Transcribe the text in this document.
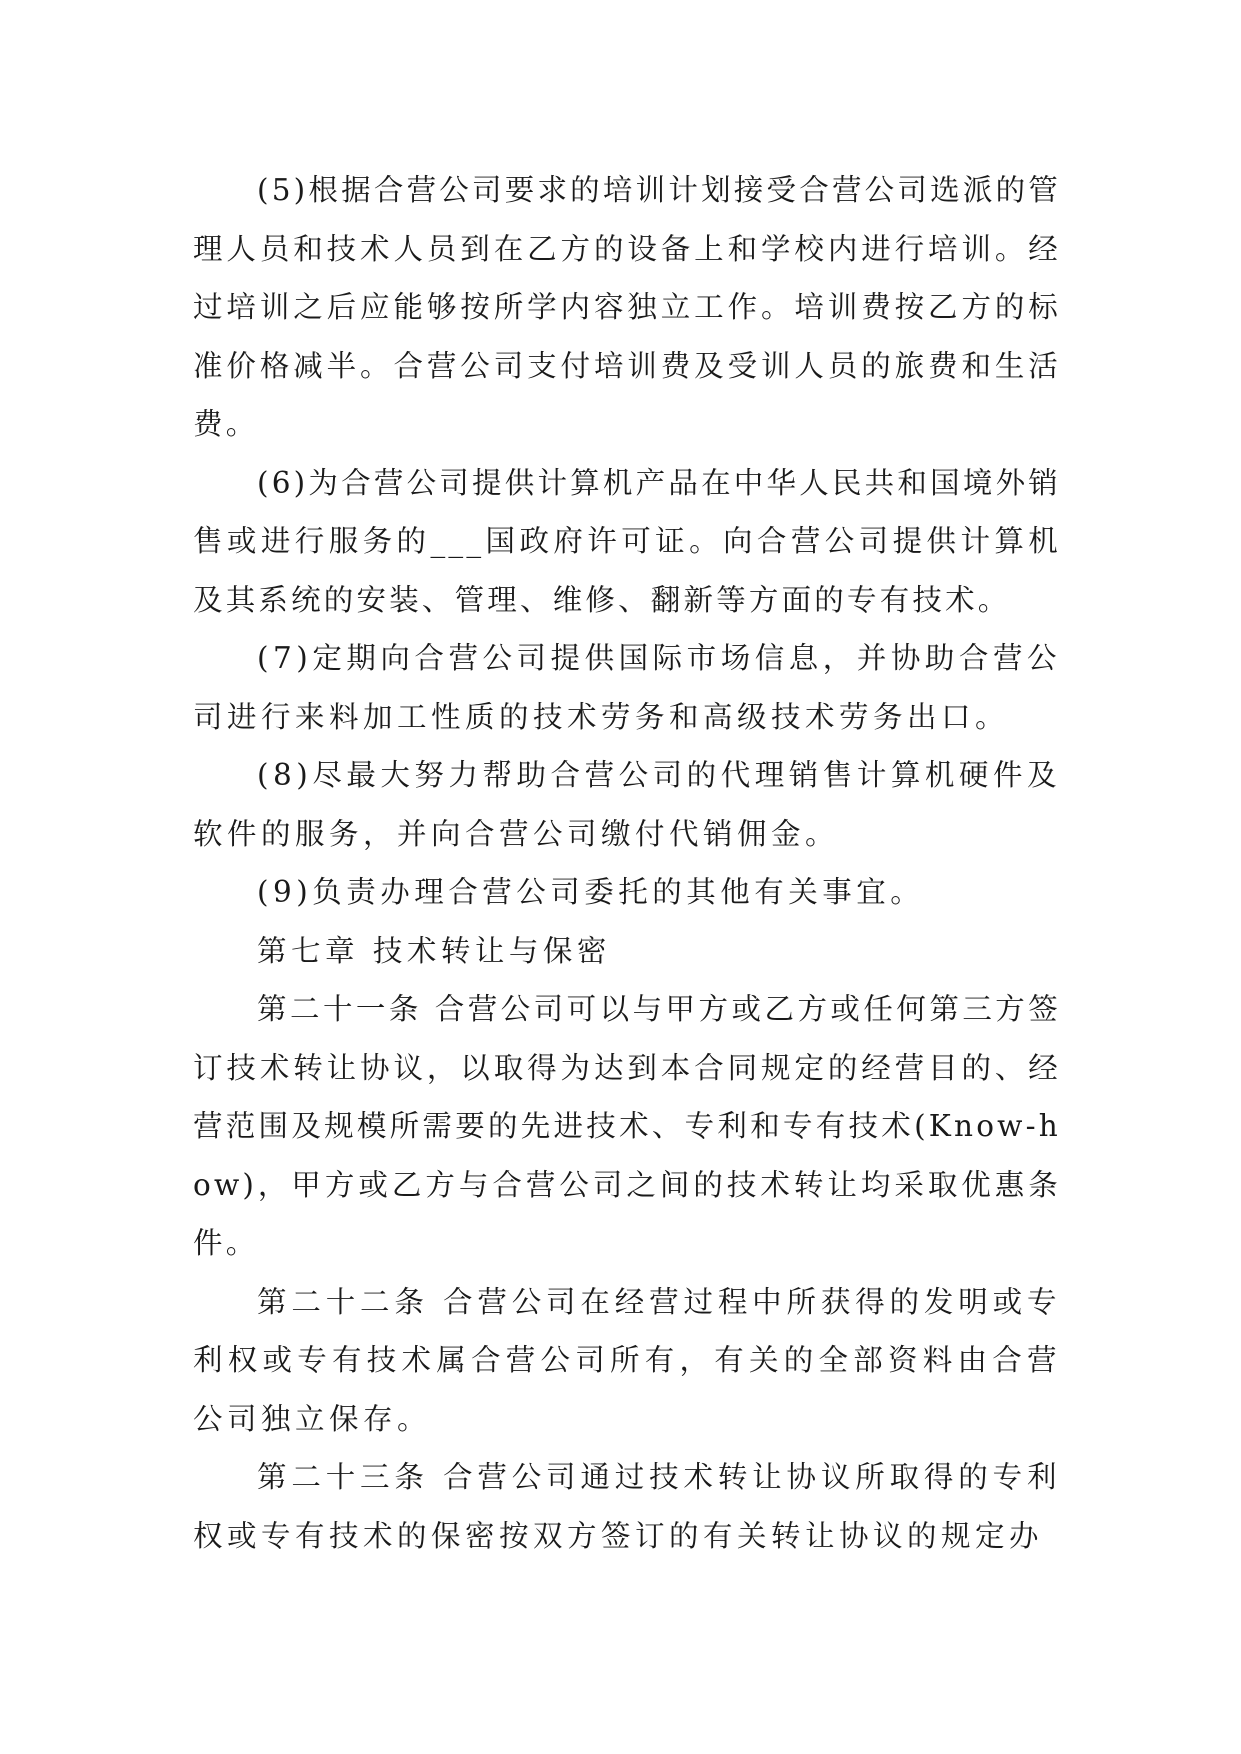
(5)根据合营公司要求的培训计划接受合营公司选派的管理人员和技术人员到在乙方的设备上和学校内进行培训。经过培训之后应能够按所学内容独立工作。培训费按乙方的标准价格减半。合营公司支付培训费及受训人员的旅费和生活费。

(6)为合营公司提供计算机产品在中华人民共和国境外销售或进行服务的___国政府许可证。向合营公司提供计算机及其系统的安装、管理、维修、翻新等方面的专有技术。

(7)定期向合营公司提供国际市场信息，并协助合营公司进行来料加工性质的技术劳务和高级技术劳务出口。

(8)尽最大努力帮助合营公司的代理销售计算机硬件及软件的服务，并向合营公司缴付代销佣金。

(9)负责办理合营公司委托的其他有关事宜。

第七章 技术转让与保密

第二十一条 合营公司可以与甲方或乙方或任何第三方签订技术转让协议，以取得为达到本合同规定的经营目的、经营范围及规模所需要的先进技术、专利和专有技术(Know-how)，甲方或乙方与合营公司之间的技术转让均采取优惠条件。

第二十二条 合营公司在经营过程中所获得的发明或专利权或专有技术属合营公司所有，有关的全部资料由合营公司独立保存。

第二十三条 合营公司通过技术转让协议所取得的专利权或专有技术的保密按双方签订的有关转让协议的规定办
